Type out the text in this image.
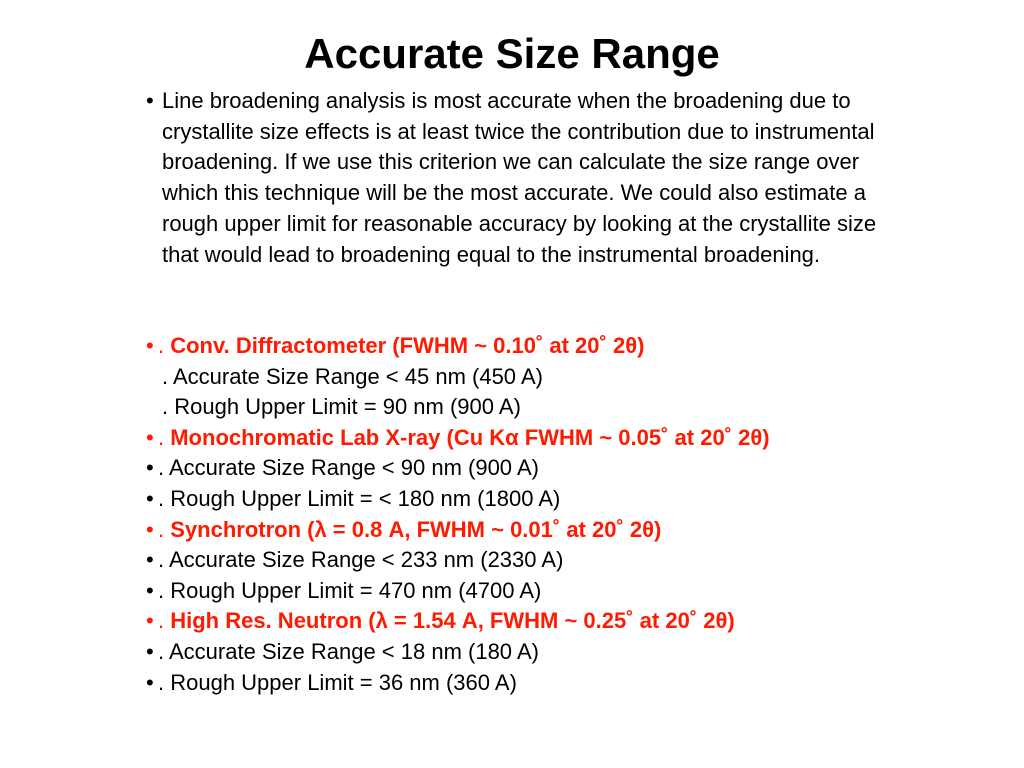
Accurate Size Range
• Line broadening analysis is most accurate when the broadening due to crystallite size effects is at least twice the contribution due to instrumental broadening. If we use this criterion we can calculate the size range over which this technique will be the most accurate. We could also estimate a rough upper limit for reasonable accuracy by looking at the crystallite size that would lead to broadening equal to the instrumental broadening.
• . Conv. Diffractometer (FWHM ~ 0.10˚ at 20˚ 2θ)
. Accurate Size Range < 45 nm (450 A)
. Rough Upper Limit = 90 nm (900 A)
• . Monochromatic Lab X-ray (Cu Kα FWHM ~ 0.05˚ at 20˚ 2θ)
• . Accurate Size Range < 90 nm (900 A)
• . Rough Upper Limit = < 180 nm (1800 A)
• . Synchrotron (λ = 0.8 A, FWHM ~ 0.01˚ at 20˚ 2θ)
• . Accurate Size Range < 233 nm (2330 A)
• . Rough Upper Limit = 470 nm (4700 A)
• . High Res. Neutron (λ = 1.54 A, FWHM ~ 0.25˚ at 20˚ 2θ)
• . Accurate Size Range < 18 nm (180 A)
• . Rough Upper Limit = 36 nm (360 A)
